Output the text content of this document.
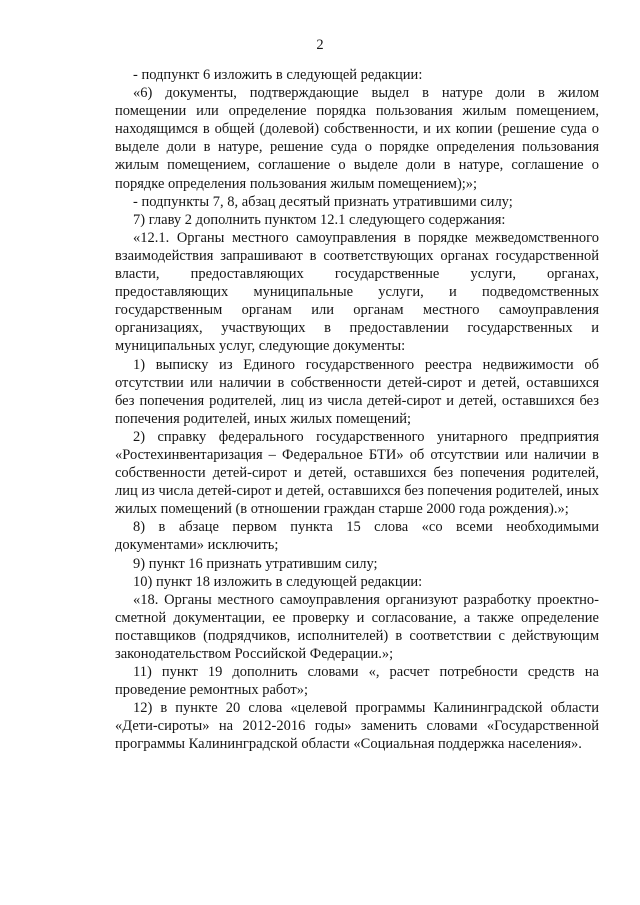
2

- подпункт 6 изложить в следующей редакции:

«6) документы, подтверждающие выдел в натуре доли в жилом помещении или определение порядка пользования жилым помещением, находящимся в общей (долевой) собственности, и их копии (решение суда о выделе доли в натуре, решение суда о порядке определения пользования жилым помещением, соглашение о выделе доли в натуре, соглашение о порядке определения пользования жилым помещением);»;

- подпункты 7, 8, абзац десятый признать утратившими силу;

7) главу 2 дополнить пунктом 12.1 следующего содержания:

«12.1. Органы местного самоуправления в порядке межведомственного взаимодействия запрашивают в соответствующих органах государственной власти, предоставляющих государственные услуги, органах, предоставляющих муниципальные услуги, и подведомственных государственным органам или органам местного самоуправления организациях, участвующих в предоставлении государственных и муниципальных услуг, следующие документы:

1) выписку из Единого государственного реестра недвижимости об отсутствии или наличии в собственности детей-сирот и детей, оставшихся без попечения родителей, лиц из числа детей-сирот и детей, оставшихся без попечения родителей, иных жилых помещений;

2) справку федерального государственного унитарного предприятия «Ростехинвентаризация – Федеральное БТИ» об отсутствии или наличии в собственности детей-сирот и детей, оставшихся без попечения родителей, лиц из числа детей-сирот и детей, оставшихся без попечения родителей, иных жилых помещений (в отношении граждан старше 2000 года рождения).»;

8) в абзаце первом пункта 15 слова «со всеми необходимыми документами» исключить;

9) пункт 16 признать утратившим силу;

10) пункт 18 изложить в следующей редакции:

«18. Органы местного самоуправления организуют разработку проектно-сметной документации, ее проверку и согласование, а также определение поставщиков (подрядчиков, исполнителей) в соответствии с действующим законодательством Российской Федерации.»;

11) пункт 19 дополнить словами «, расчет потребности средств на проведение ремонтных работ»;

12) в пункте 20 слова «целевой программы Калининградской области «Дети-сироты» на 2012-2016 годы» заменить словами «Государственной программы Калининградской области «Социальная поддержка населения».
